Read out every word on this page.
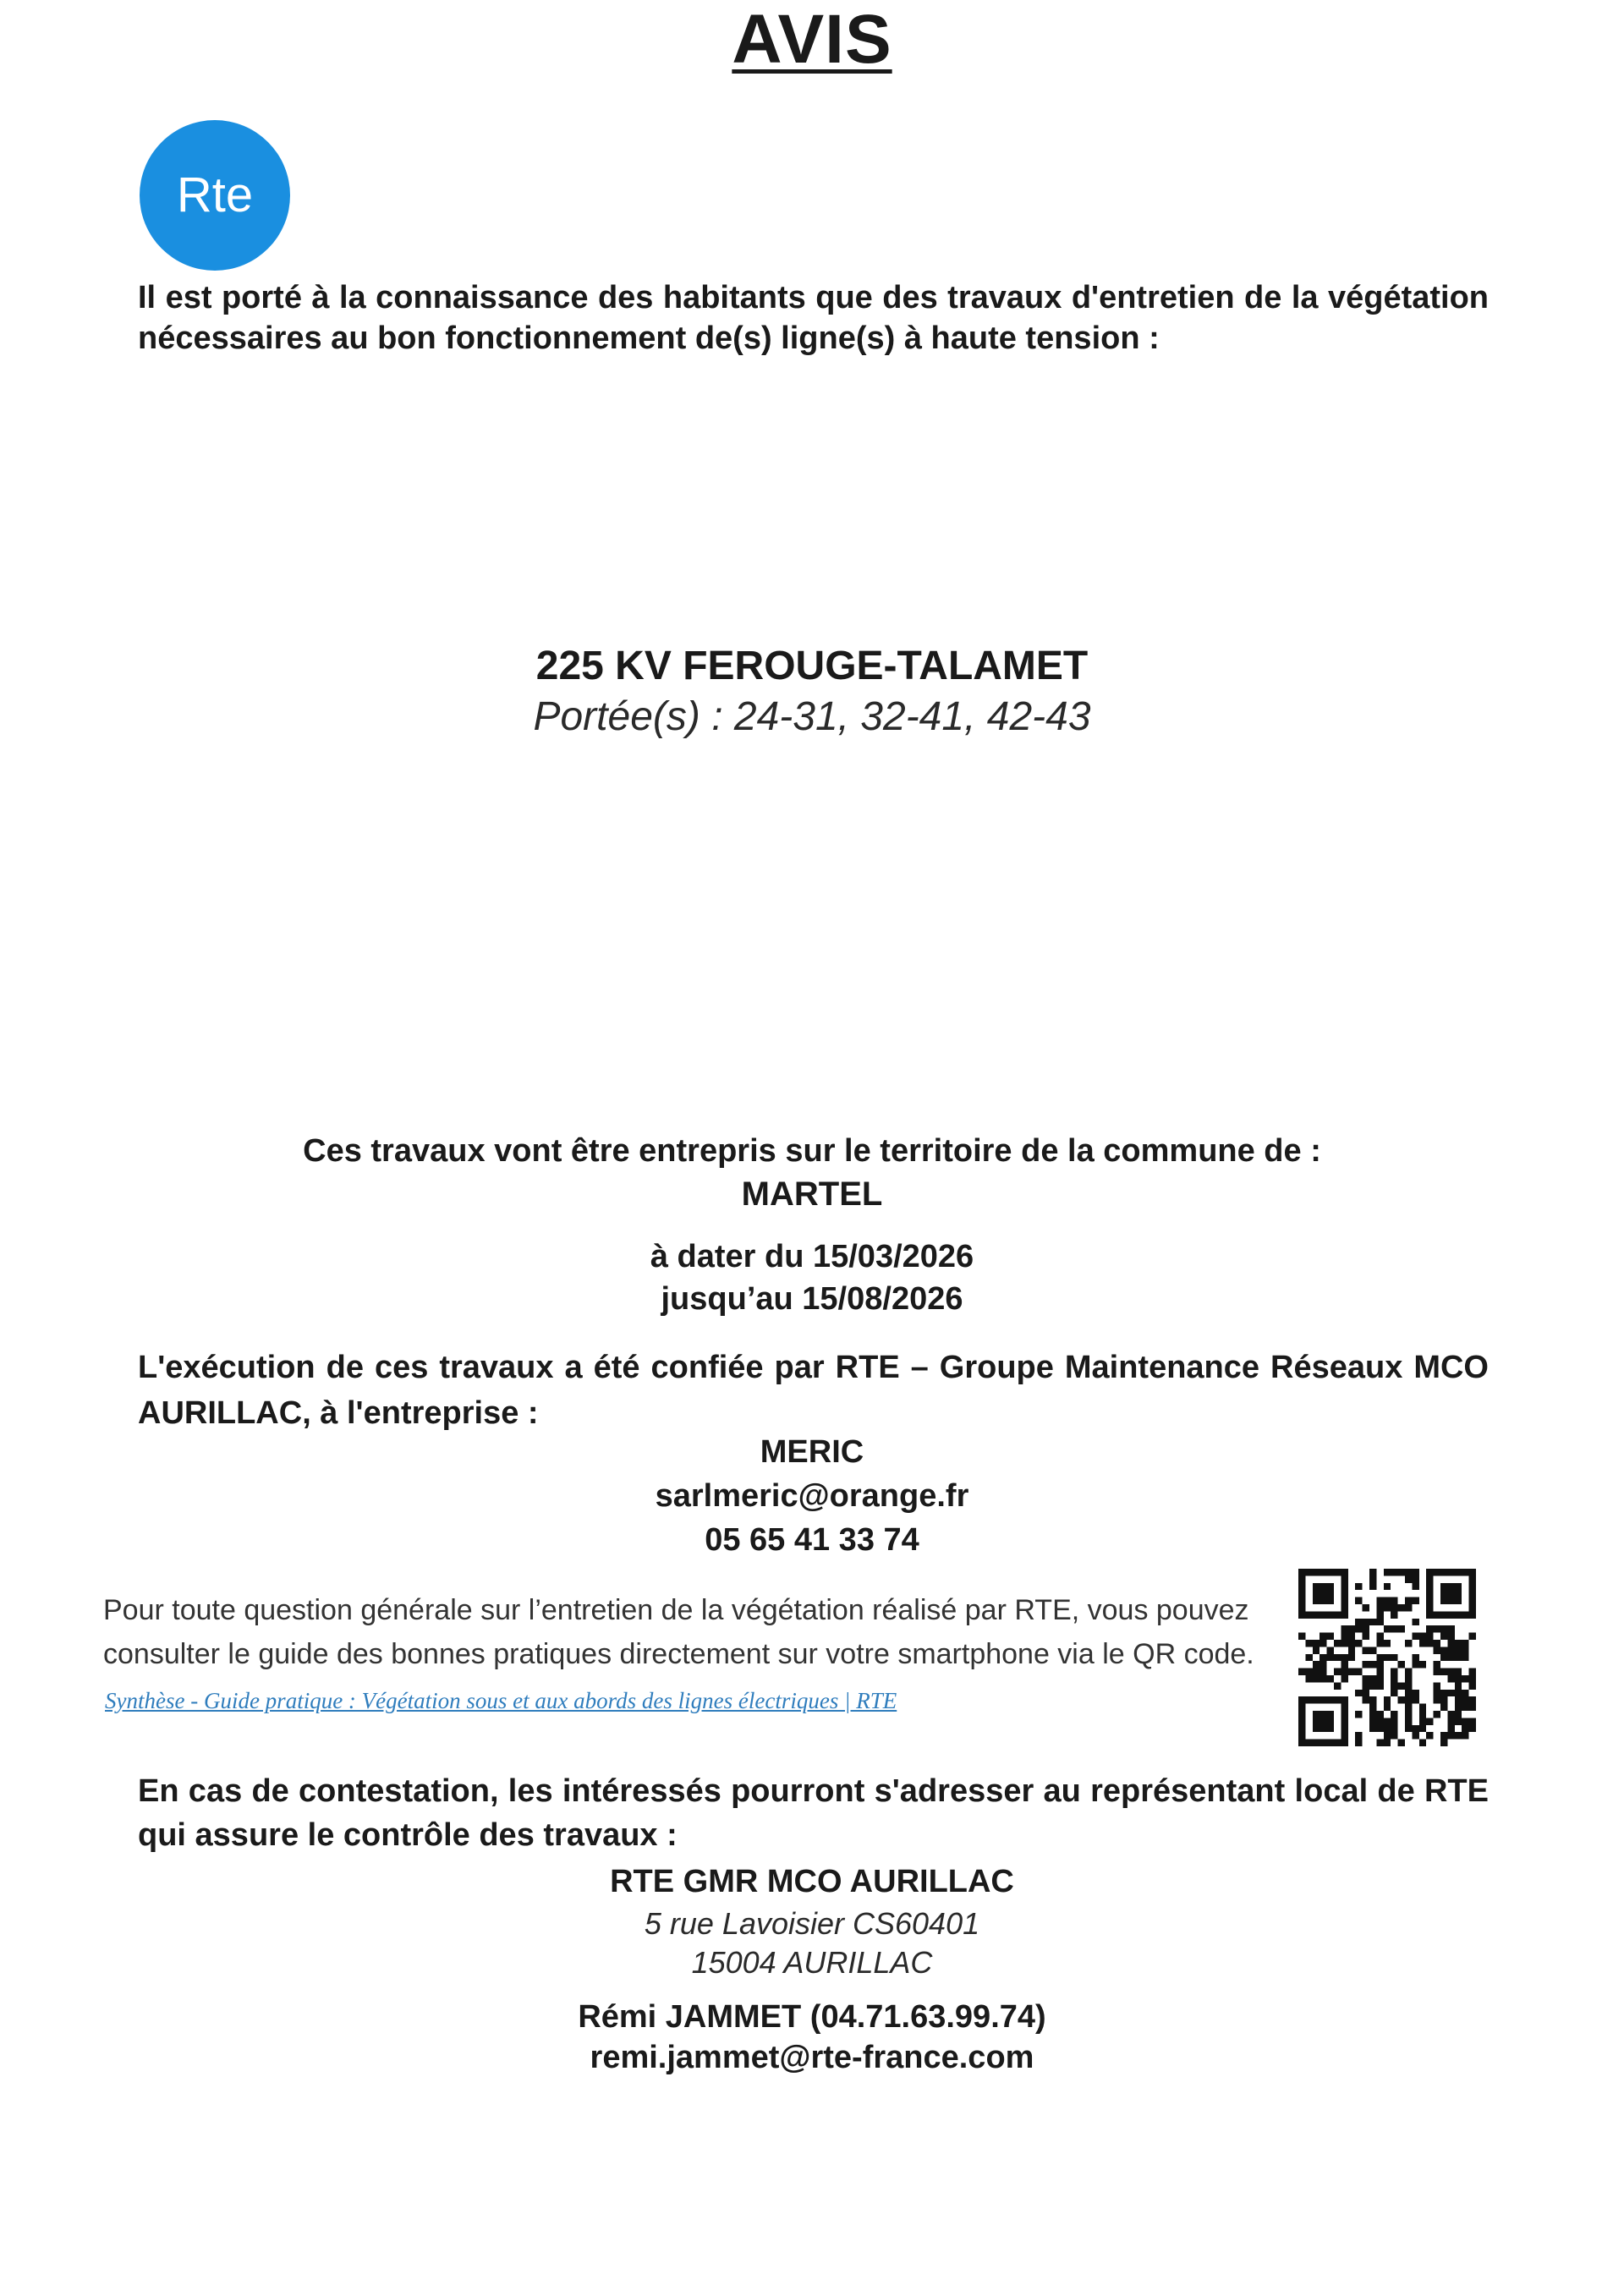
Rte
AVIS
Il est porté à la connaissance des habitants que des travaux d'entretien de la végétation nécessaires au bon fonctionnement de(s) ligne(s) à haute tension :
225 KV FEROUGE-TALAMET
Portée(s) : 24-31, 32-41, 42-43
Ces travaux vont être entrepris sur le territoire de la commune de :
MARTEL
à dater du 15/03/2026
jusqu’au 15/08/2026
L'exécution de ces travaux a été confiée par RTE – Groupe Maintenance Réseaux MCO AURILLAC, à l'entreprise :
MERIC
sarlmeric@orange.fr
05 65 41 33 74
Pour toute question générale sur l’entretien de la végétation réalisé par RTE, vous pouvez consulter le guide des bonnes pratiques directement sur votre smartphone via le QR code.
Synthèse - Guide pratique : Végétation sous et aux abords des lignes électriques | RTE
En cas de contestation, les intéressés pourront s'adresser au représentant local de RTE qui assure le contrôle des travaux :
RTE GMR MCO AURILLAC
5 rue Lavoisier CS60401
15004 AURILLAC
Rémi JAMMET (04.71.63.99.74)
remi.jammet@rte-france.com
